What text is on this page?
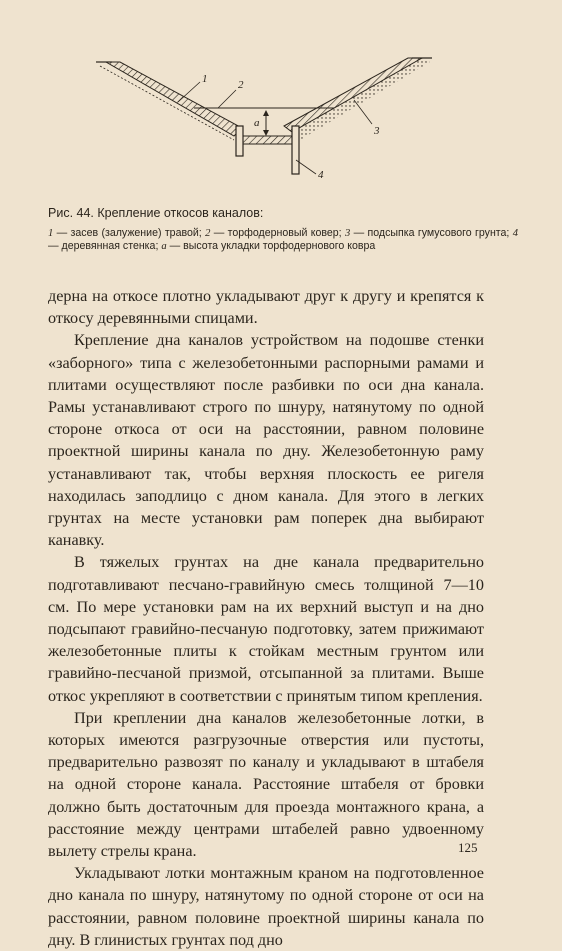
1	2
3
4
a

Рис. 44. Крепление откосов каналов:

1 — засев (залужение) травой; 2 — торфодерновый ковер; 3 — подсыпка гумусового грунта; 4 — деревянная стенка; a — высота укладки торфодернового ковра

дерна на откосе плотно укладывают друг к другу и крепятся к откосу деревянными спицами.

Крепление дна каналов устройством на подошве стенки «заборного» типа с железобетонными распорными рамами и плитами осуществляют после разбивки по оси дна канала. Рамы устанавливают строго по шнуру, натянутому по одной стороне откоса от оси на расстоянии, равном половине проектной ширины канала по дну. Железобетонную раму устанавливают так, чтобы верхняя плоскость ее ригеля находилась заподлицо с дном канала. Для этого в легких грунтах на месте установки рам поперек дна выбирают канавку.

В тяжелых грунтах на дне канала предварительно подготавливают песчано-гравийную смесь толщиной 7—10 см. По мере установки рам на их верхний выступ и на дно подсыпают гравийно-песчаную подготовку, затем прижимают железобетонные плиты к стойкам местным грунтом или гравийно-песчаной призмой, отсыпанной за плитами. Выше откос укрепляют в соответствии с принятым типом крепления.

При креплении дна каналов железобетонные лотки, в которых имеются разгрузочные отверстия или пустоты, предварительно развозят по каналу и укладывают в штабеля на одной стороне канала. Расстояние штабеля от бровки должно быть достаточным для проезда монтажного крана, а расстояние между центрами штабелей равно удвоенному вылету стрелы крана.

Укладывают лотки монтажным краном на подготовленное дно канала по шнуру, натянутому по одной стороне от оси на расстоянии, равном половине проектной ширины канала по дну. В глинистых грунтах под дно

125
